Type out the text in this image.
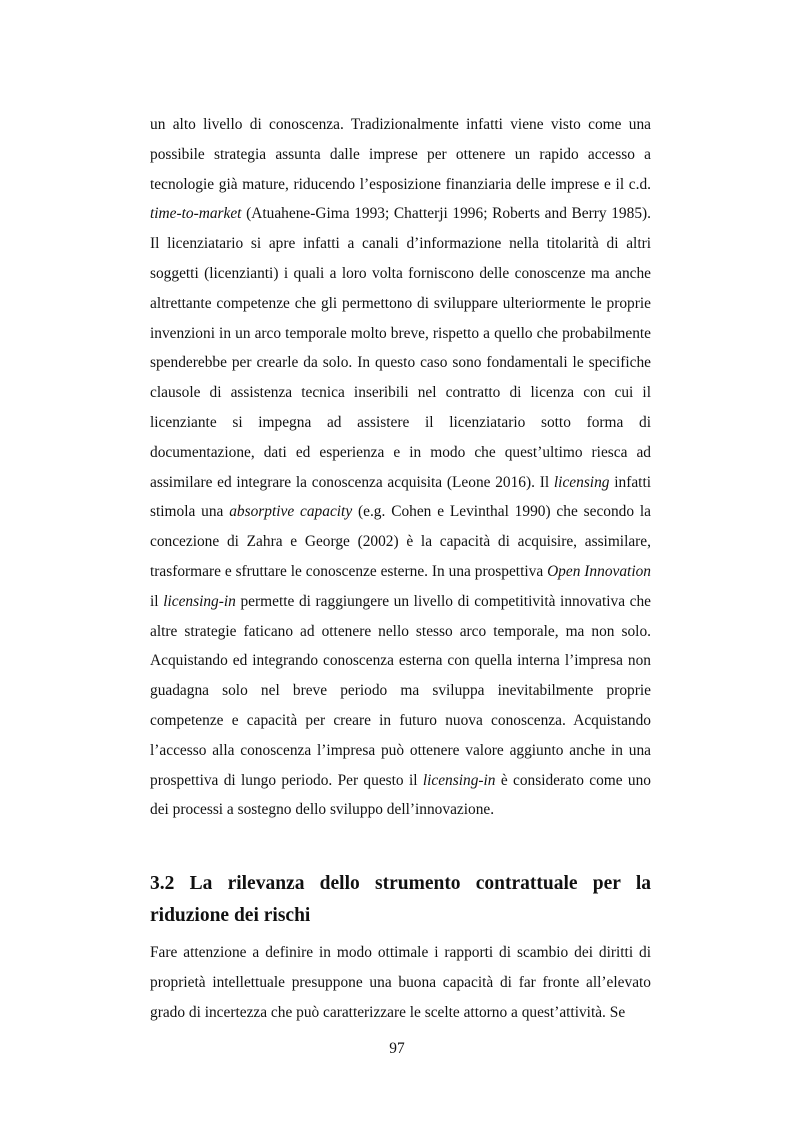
un alto livello di conoscenza. Tradizionalmente infatti viene visto come una possibile strategia assunta dalle imprese per ottenere un rapido accesso a tecnologie già mature, riducendo l’esposizione finanziaria delle imprese e il c.d. time-to-market (Atuahene-Gima 1993; Chatterji 1996; Roberts and Berry 1985). Il licenziatario si apre infatti a canali d’informazione nella titolarità di altri soggetti (licenzianti) i quali a loro volta forniscono delle conoscenze ma anche altrettante competenze che gli permettono di sviluppare ulteriormente le proprie invenzioni in un arco temporale molto breve, rispetto a quello che probabilmente spenderebbe per crearle da solo. In questo caso sono fondamentali le specifiche clausole di assistenza tecnica inseribili nel contratto di licenza con cui il licenziante si impegna ad assistere il licenziatario sotto forma di documentazione, dati ed esperienza e in modo che quest’ultimo riesca ad assimilare ed integrare la conoscenza acquisita (Leone 2016). Il licensing infatti stimola una absorptive capacity (e.g. Cohen e Levinthal 1990) che secondo la concezione di Zahra e George (2002) è la capacità di acquisire, assimilare, trasformare e sfruttare le conoscenze esterne. In una prospettiva Open Innovation il licensing-in permette di raggiungere un livello di competitività innovativa che altre strategie faticano ad ottenere nello stesso arco temporale, ma non solo. Acquistando ed integrando conoscenza esterna con quella interna l’impresa non guadagna solo nel breve periodo ma sviluppa inevitabilmente proprie competenze e capacità per creare in futuro nuova conoscenza. Acquistando l’accesso alla conoscenza l’impresa può ottenere valore aggiunto anche in una prospettiva di lungo periodo. Per questo il licensing-in è considerato come uno dei processi a sostegno dello sviluppo dell’innovazione.

3.2 La rilevanza dello strumento contrattuale per la riduzione dei rischi

Fare attenzione a definire in modo ottimale i rapporti di scambio dei diritti di proprietà intellettuale presuppone una buona capacità di far fronte all’elevato grado di incertezza che può caratterizzare le scelte attorno a quest’attività. Se

97
